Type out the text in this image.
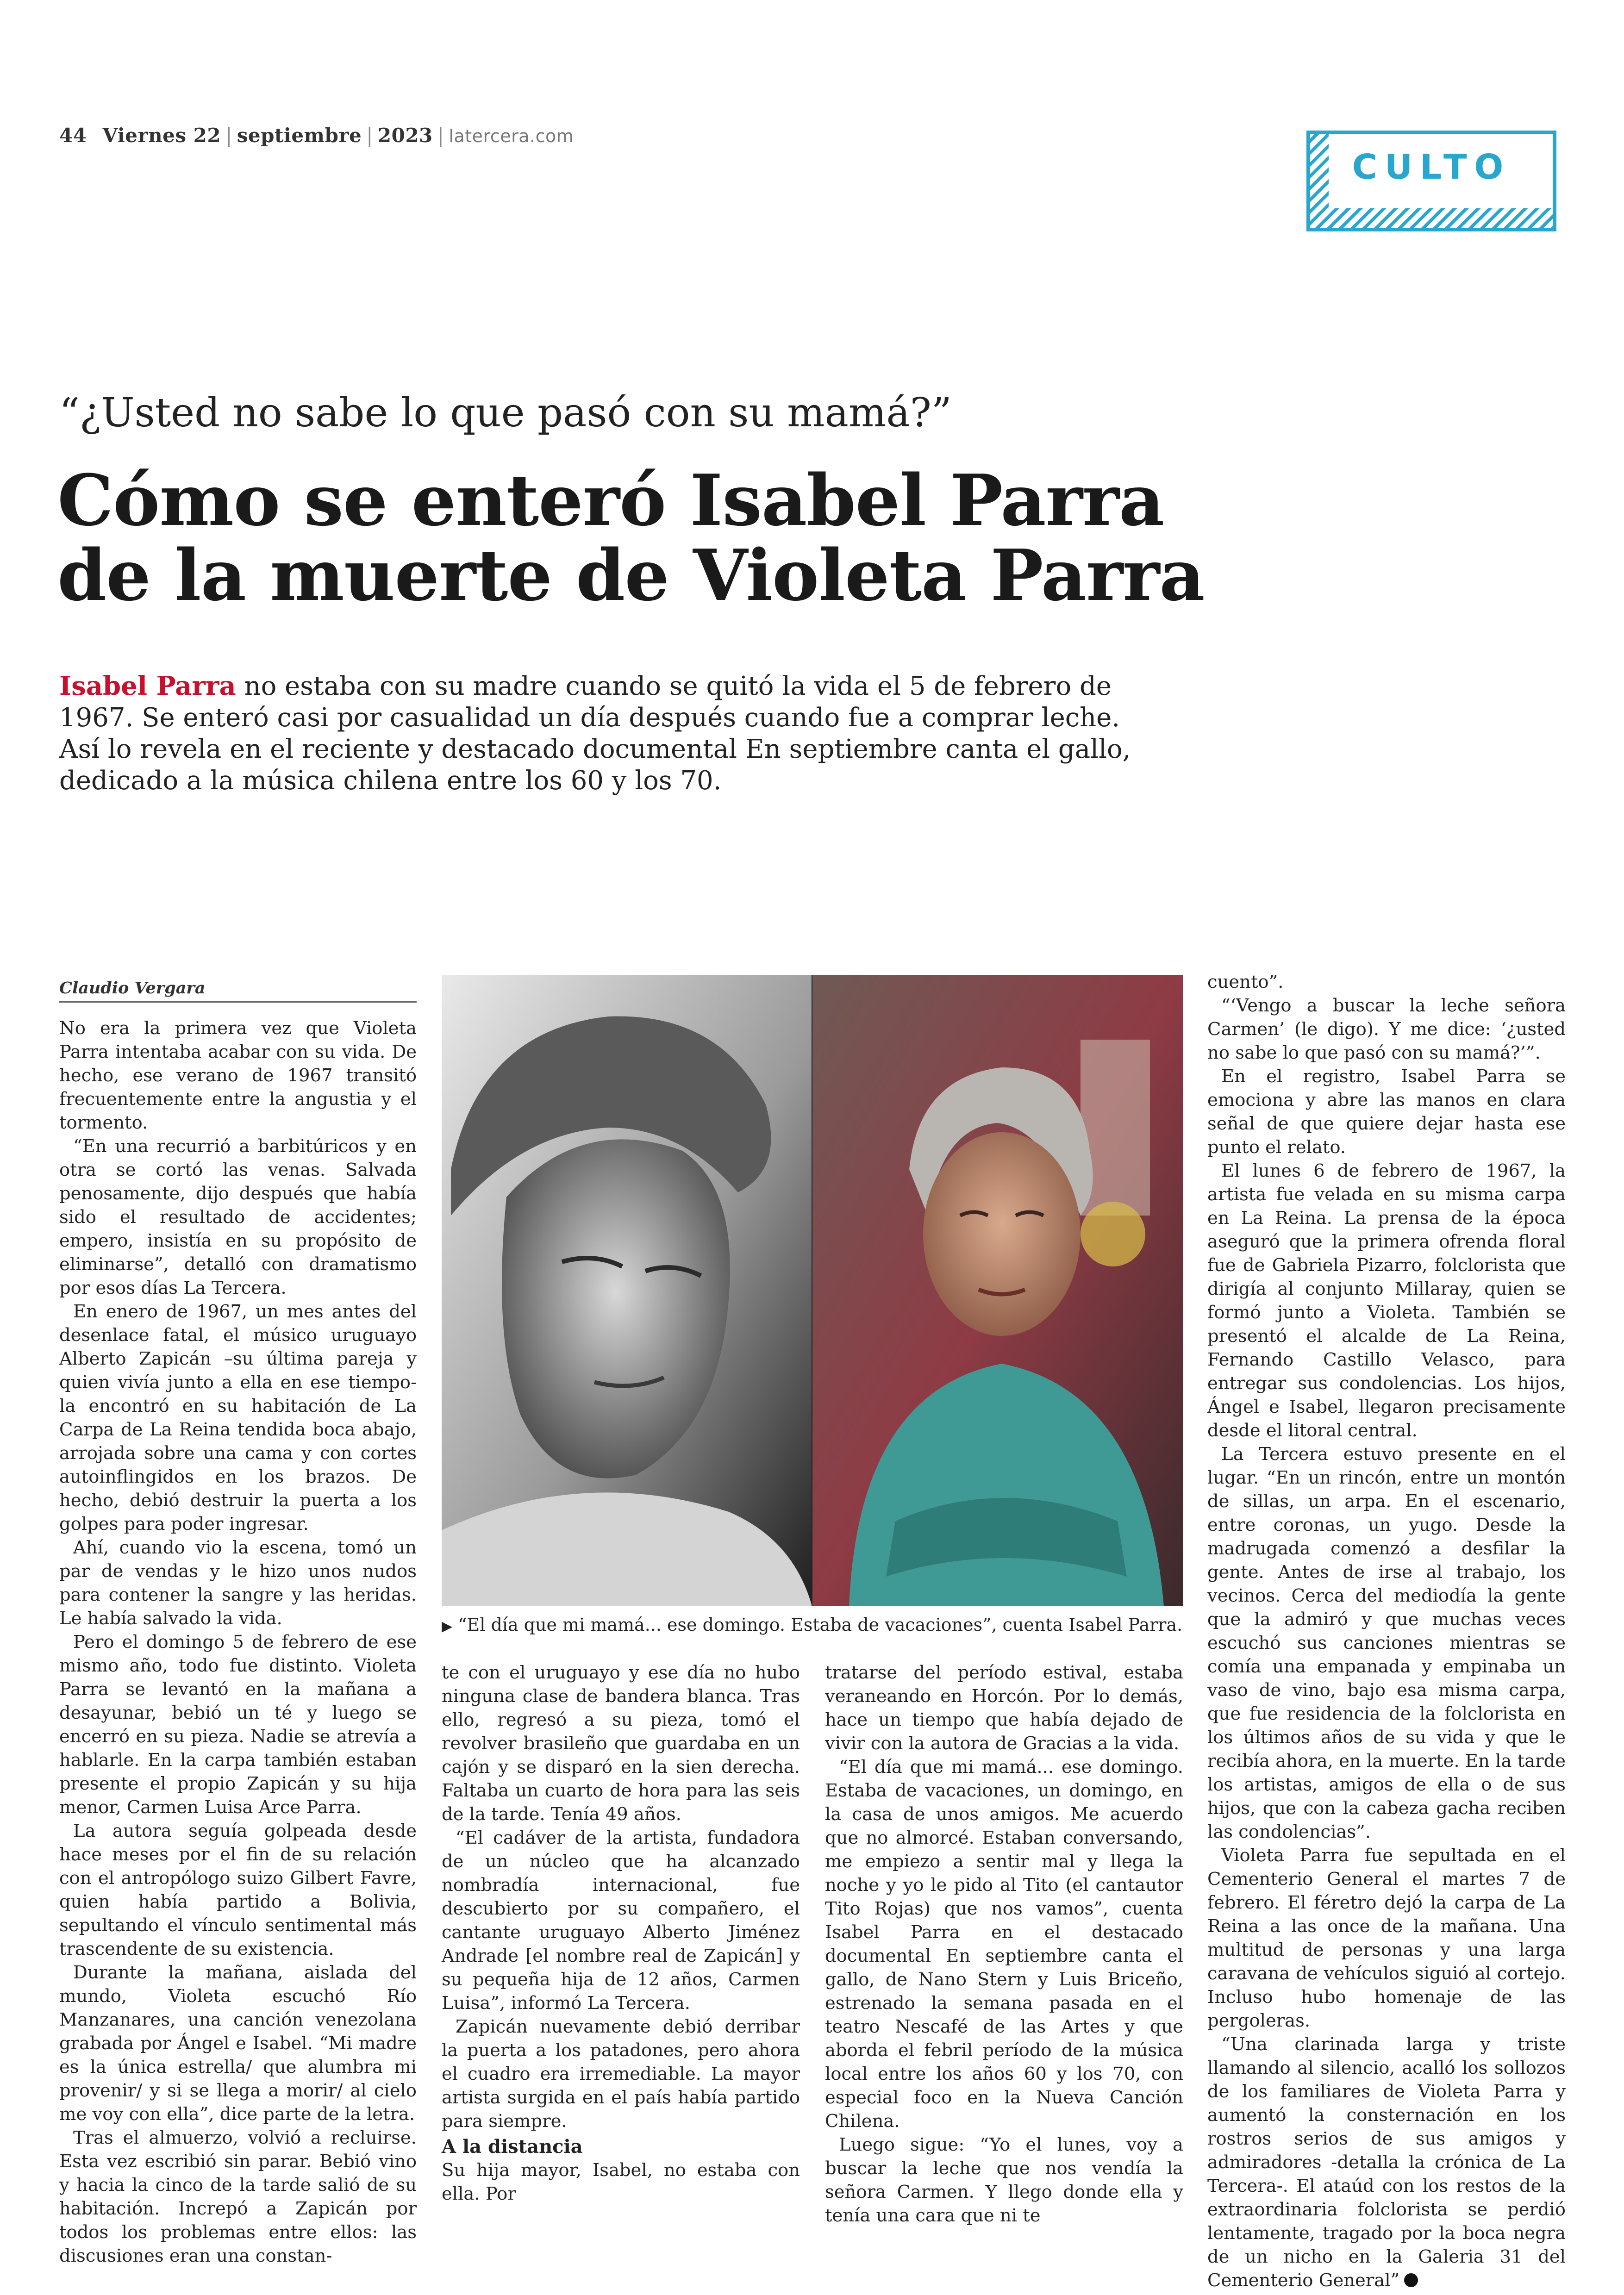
44 Viernes 22 | septiembre | 2023 | latercera.com
CULTO
“¿Usted no sabe lo que pasó con su mamá?”
Cómo se enteró Isabel Parra
de la muerte de Violeta Parra
Isabel Parra no estaba con su madre cuando se quitó la vida el 5 de febrero de 1967. Se enteró casi por casualidad un día después cuando fue a comprar leche. Así lo revela en el reciente y destacado documental En septiembre canta el gallo, dedicado a la música chilena entre los 60 y los 70.
Claudio Vergara

No era la primera vez que Violeta Parra intentaba acabar con su vida. De hecho, ese verano de 1967 transitó frecuentemente entre la angustia y el tormento.

“En una recurrió a barbitúricos y en otra se cortó las venas. Salvada penosamente, dijo después que había sido el resultado de accidentes; empero, insistía en su propósito de eliminarse”, detalló con dramatismo por esos días La Tercera.

En enero de 1967, un mes antes del desenlace fatal, el músico uruguayo Alberto Zapicán –su última pareja y quien vivía junto a ella en ese tiempo- la encontró en su habitación de La Carpa de La Reina tendida boca abajo, arrojada sobre una cama y con cortes autoinflingidos en los brazos. De hecho, debió destruir la puerta a los golpes para poder ingresar.

Ahí, cuando vio la escena, tomó un par de vendas y le hizo unos nudos para contener la sangre y las heridas. Le había salvado la vida.

Pero el domingo 5 de febrero de ese mismo año, todo fue distinto. Violeta Parra se levantó en la mañana a desayunar, bebió un té y luego se encerró en su pieza. Nadie se atrevía a hablarle. En la carpa también estaban presente el propio Zapicán y su hija menor, Carmen Luisa Arce Parra.

La autora seguía golpeada desde hace meses por el fin de su relación con el antropólogo suizo Gilbert Favre, quien había partido a Bolivia, sepultando el vínculo sentimental más trascendente de su existencia.

Durante la mañana, aislada del mundo, Violeta escuchó Río Manzanares, una canción venezolana grabada por Ángel e Isabel. “Mi madre es la única estrella/ que alumbra mi provenir/ y si se llega a morir/ al cielo me voy con ella”, dice parte de la letra.

Tras el almuerzo, volvió a recluirse. Esta vez escribió sin parar. Bebió vino y hacia la cinco de la tarde salió de su habitación. Increpó a Zapicán por todos los problemas entre ellos: las discusiones eran una constan-

▶ “El día que mi mamá... ese domingo. Estaba de vacaciones”, cuenta Isabel Parra.

te con el uruguayo y ese día no hubo ninguna clase de bandera blanca. Tras ello, regresó a su pieza, tomó el revolver brasileño que guardaba en un cajón y se disparó en la sien derecha. Faltaba un cuarto de hora para las seis de la tarde. Tenía 49 años.

“El cadáver de la artista, fundadora de un núcleo que ha alcanzado nombradía internacional, fue descubierto por su compañero, el cantante uruguayo Alberto Jiménez Andrade [el nombre real de Zapicán] y su pequeña hija de 12 años, Carmen Luisa”, informó La Tercera.

Zapicán nuevamente debió derribar la puerta a los patadones, pero ahora el cuadro era irremediable. La mayor artista surgida en el país había partido para siempre.

A la distancia

Su hija mayor, Isabel, no estaba con ella. Por

tratarse del período estival, estaba veraneando en Horcón. Por lo demás, hace un tiempo que había dejado de vivir con la autora de Gracias a la vida.

“El día que mi mamá... ese domingo. Estaba de vacaciones, un domingo, en la casa de unos amigos. Me acuerdo que no almorcé. Estaban conversando, me empiezo a sentir mal y llega la noche y yo le pido al Tito (el cantautor Tito Rojas) que nos vamos”, cuenta Isabel Parra en el destacado documental En septiembre canta el gallo, de Nano Stern y Luis Briceño, estrenado la semana pasada en el teatro Nescafé de las Artes y que aborda el febril período de la música local entre los años 60 y los 70, con especial foco en la Nueva Canción Chilena.

Luego sigue: “Yo el lunes, voy a buscar la leche que nos vendía la señora Carmen. Y llego donde ella y tenía una cara que ni te

cuento”.

“‘Vengo a buscar la leche señora Carmen’ (le digo). Y me dice: ‘¿usted no sabe lo que pasó con su mamá?’”.

En el registro, Isabel Parra se emociona y abre las manos en clara señal de que quiere dejar hasta ese punto el relato.

El lunes 6 de febrero de 1967, la artista fue velada en su misma carpa en La Reina. La prensa de la época aseguró que la primera ofrenda floral fue de Gabriela Pizarro, folclorista que dirigía al conjunto Millaray, quien se formó junto a Violeta. También se presentó el alcalde de La Reina, Fernando Castillo Velasco, para entregar sus condolencias. Los hijos, Ángel e Isabel, llegaron precisamente desde el litoral central.

La Tercera estuvo presente en el lugar. “En un rincón, entre un montón de sillas, un arpa. En el escenario, entre coronas, un yugo. Desde la madrugada comenzó a desfilar la gente. Antes de irse al trabajo, los vecinos. Cerca del mediodía la gente que la admiró y que muchas veces escuchó sus canciones mientras se comía una empanada y empinaba un vaso de vino, bajo esa misma carpa, que fue residencia de la folclorista en los últimos años de su vida y que le recibía ahora, en la muerte. En la tarde los artistas, amigos de ella o de sus hijos, que con la cabeza gacha reciben las condolencias”.

Violeta Parra fue sepultada en el Cementerio General el martes 7 de febrero. El féretro dejó la carpa de La Reina a las once de la mañana. Una multitud de personas y una larga caravana de vehículos siguió al cortejo. Incluso hubo homenaje de las pergoleras.

“Una clarinada larga y triste llamando al silencio, acalló los sollozos de los familiares de Violeta Parra y aumentó la consternación en los rostros serios de sus amigos y admiradores -detalla la crónica de La Tercera-. El ataúd con los restos de la extraordinaria folclorista se perdió lentamente, tragado por la boca negra de un nicho en la Galeria 31 del Cementerio General”
